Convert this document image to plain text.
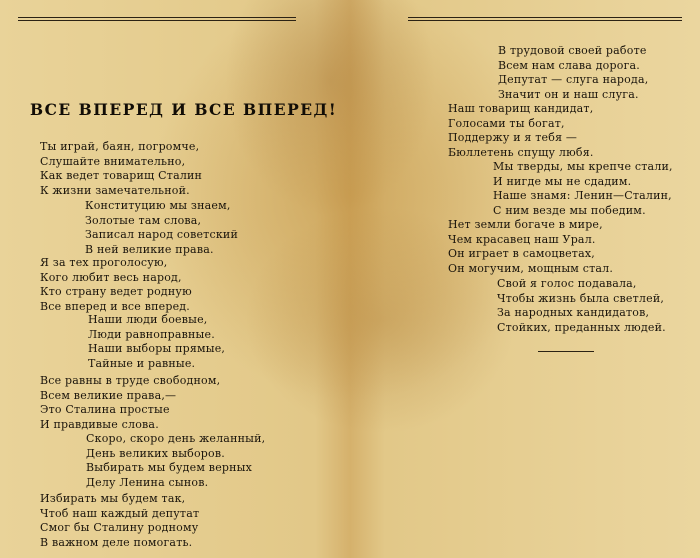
ВСЕ ВПЕРЕД И ВСЕ ВПЕРЕД!
Ты играй, баян, погромче,
Слушайте внимательно,
Как ведет товарищ Сталин
К жизни замечательной.
Конституцию мы знаем,
Золотые там слова,
Записал народ советский
В ней великие права.
Я за тех проголосую,
Кого любит весь народ,
Кто страну ведет родную
Все вперед и все вперед.
Наши люди боевые,
Люди равноправные.
Наши выборы прямые,
Тайные и равные.
Все равны в труде свободном,
Всем великие права,—
Это Сталина простые
И правдивые слова.
Скоро, скоро день желанный,
День великих выборов.
Выбирать мы будем верных
Делу Ленина сынов.
Избирать мы будем так,
Чтоб наш каждый депутат
Смог бы Сталину родному
В важном деле помогать.
В трудовой своей работе
Всем нам слава дорога.
Депутат — слуга народа,
Значит он и наш слуга.
Наш товарищ кандидат,
Голосами ты богат,
Поддержу и я тебя —
Бюллетень спущу любя.
Мы тверды, мы крепче стали,
И нигде мы не сдадим.
Наше знамя: Ленин—Сталин,
С ним везде мы победим.
Нет земли богаче в мире,
Чем красавец наш Урал.
Он играет в самоцветах,
Он могучим, мощным стал.
Свой я голос подавала,
Чтобы жизнь была светлей,
За народных кандидатов,
Стойких, преданных людей.
